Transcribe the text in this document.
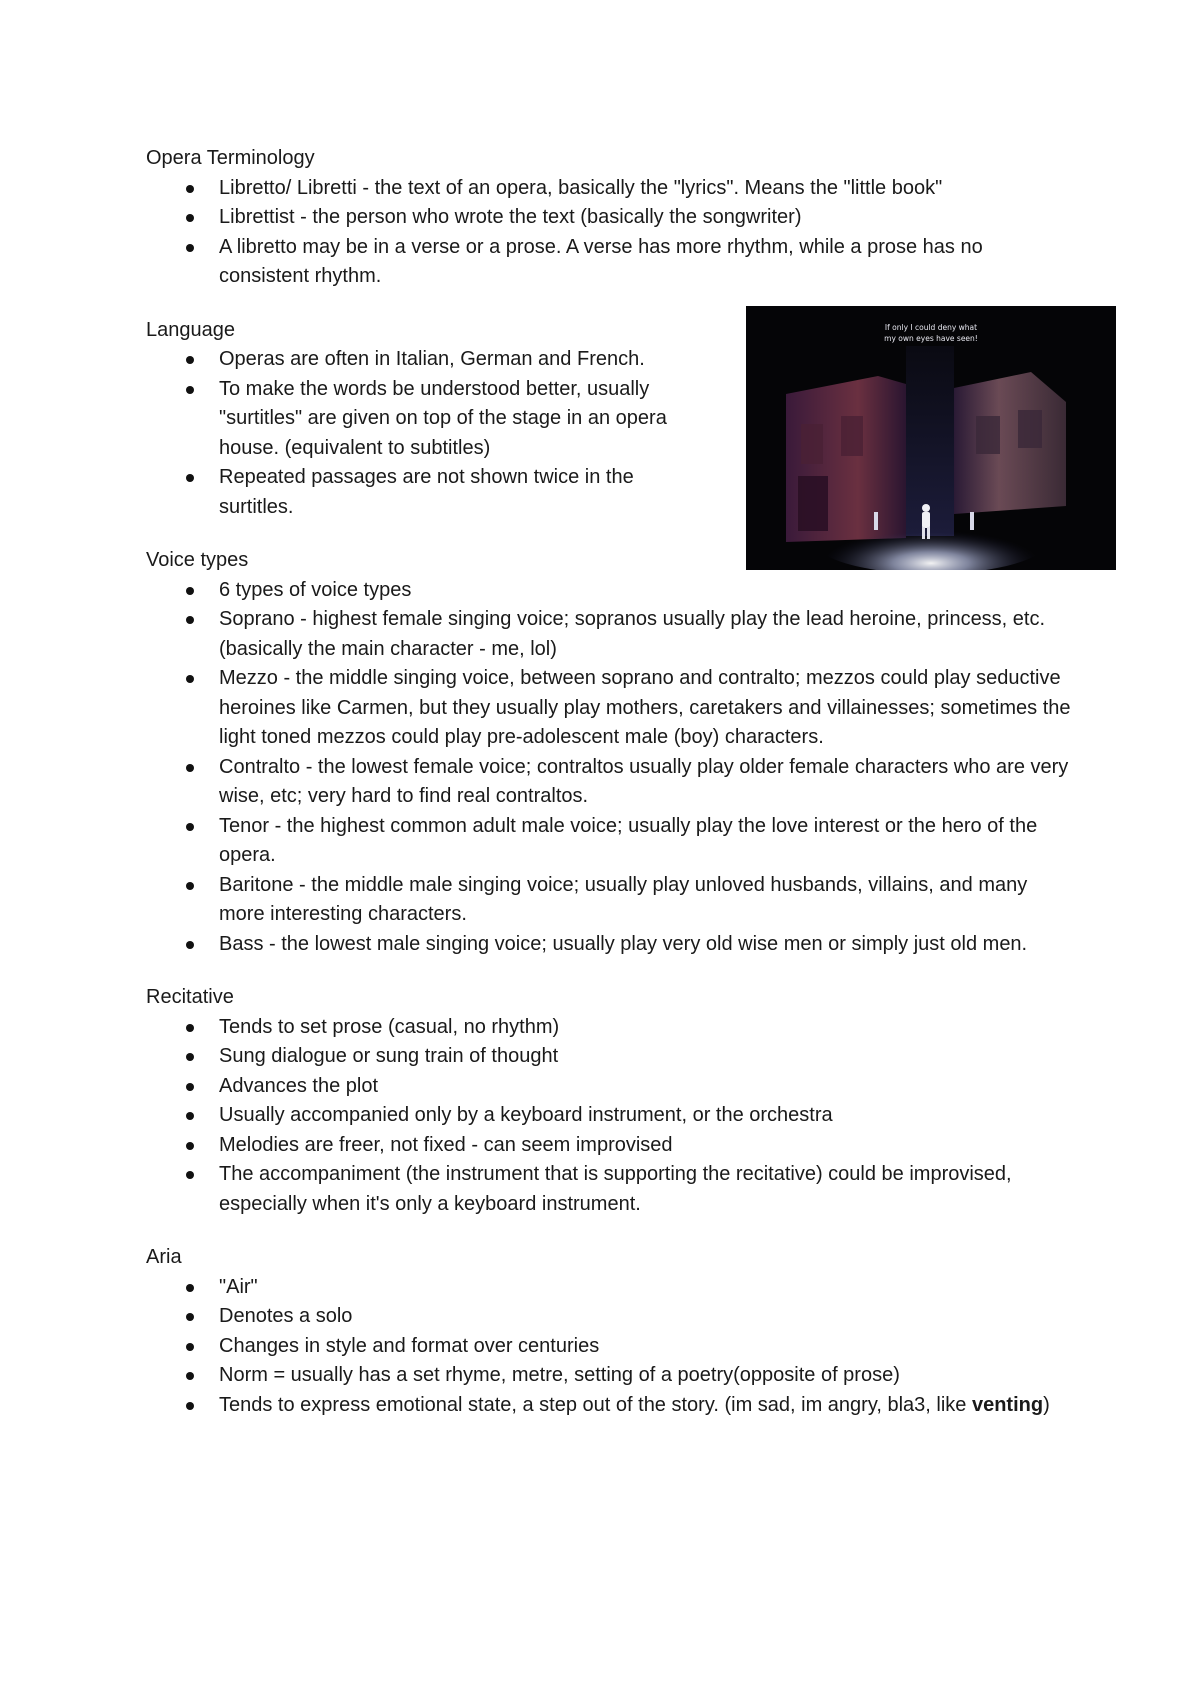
Opera Terminology

Libretto/ Libretti - the text of an opera, basically the "lyrics". Means the "little book"
Librettist - the person who wrote the text (basically the songwriter)
A libretto may be in a verse or a prose. A verse has more rhythm, while a prose has no consistent rhythm.

Language

Operas are often in Italian, German and French.
To make the words be understood better, usually "surtitles" are given on top of the stage in an opera house. (equivalent to subtitles)
Repeated passages are not shown twice in the surtitles.

Voice types

6 types of voice types
Soprano - highest female singing voice; sopranos usually play the lead heroine, princess, etc. (basically the main character - me, lol)
Mezzo - the middle singing voice, between soprano and contralto; mezzos could play seductive heroines like Carmen, but they usually play mothers, caretakers and villainesses; sometimes the light toned mezzos could play pre-adolescent male (boy) characters.
Contralto - the lowest female voice; contraltos usually play older female characters who are very wise, etc; very hard to find real contraltos.
Tenor - the highest common adult male voice; usually play the love interest or the hero of the opera.
Baritone - the middle male singing voice; usually play unloved husbands, villains, and many more interesting characters.
Bass - the lowest male singing voice; usually play very old wise men or simply just old men.

Recitative

Tends to set prose (casual, no rhythm)
Sung dialogue or sung train of thought
Advances the plot
Usually accompanied only by a keyboard instrument, or the orchestra
Melodies are freer, not fixed - can seem improvised
The accompaniment (the instrument that is supporting the recitative) could be improvised, especially when it's only a keyboard instrument.

Aria

"Air"
Denotes a solo
Changes in style and format over centuries
Norm = usually has a set rhyme, metre, setting of a poetry(opposite of prose)
Tends to express emotional state, a step out of the story. (im sad, im angry, bla3, like venting)
If only I could deny what
my own eyes have seen!
